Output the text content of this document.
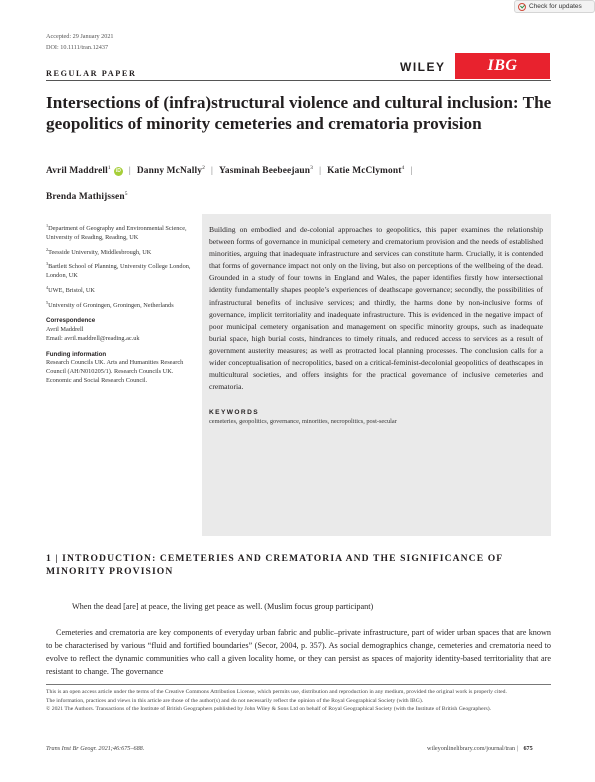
Check for updates
Accepted: 29 January 2021
DOI: 10.1111/tran.12437
REGULAR PAPER	WILEY	IBG
Intersections of (infra)structural violence and cultural inclusion: The geopolitics of minority cemeteries and crematoria provision
Avril Maddrell$^1$iD | Danny McNally$^2$ | Yasminah Beebeejaun$^3$ | Katie McClymont$^4$ |
Brenda Mathijssen$^5$
$^1$Department of Geography and Environmental Science, University of Reading, Reading, UK
$^2$Teesside University, Middlesbrough, UK
$^3$Bartlett School of Planning, University College London, London, UK
$^4$UWE, Bristol, UK
$^5$University of Groningen, Groningen, Netherlands
Correspondence
Avril Maddrell
Email: avril.maddrell@reading.ac.uk
Funding information
Research Councils UK. Arts and Humanities Research Council (AH/N010205/1). Research Councils UK. Economic and Social Research Council.
Building on embodied and de-colonial approaches to geopolitics, this paper examines the relationship between forms of governance in municipal cemetery and crematorium provision and the needs of established minorities, arguing that inadequate infrastructure and services can constitute harm. Crucially, it is contended that forms of governance impact not only on the living, but also on perceptions of the wellbeing of the dead. Grounded in a study of four towns in England and Wales, the paper identifies firstly how intersectional identity fundamentally shapes people’s experiences of deathscape governance; secondly, the possibilities of infrastructural benefits of inclusive services; and thirdly, the harms done by non-inclusive forms of governance, implicit territoriality and inadequate infrastructure. This is evidenced in the negative impact of poor municipal cemetery organisation and management on specific minority groups, such as inadequate burial space, high burial costs, hindrances to timely rituals, and reduced access to services as a result of government austerity measures; as well as protracted local planning processes. The conclusion calls for a wider conceptualisation of necropolitics, based on a critical-feminist-decolonial geopolitics of deathscapes in multicultural societies, and offers insights for the practical governance of inclusive cemeteries and crematoria.
KEYWORDS
cemeteries, geopolitics, governance, minorities, necropolitics, post-secular
1 | INTRODUCTION: CEMETERIES AND CREMATORIA AND THE SIGNIFICANCE OF MINORITY PROVISION
When the dead [are] at peace, the living get peace as well. (Muslim focus group participant)

Cemeteries and crematoria are key components of everyday urban fabric and public–private infrastructure, part of wider urban spaces that are known to be characterised by various “fluid and fortified boundaries” (Secor, 2004, p. 357). As social demographics change, cemeteries and crematoria need to evolve to reflect the dynamic communities who call a given locality home, or they can persist as spaces of majority identity-based territoriality that are resistant to change. The governance

This is an open access article under the terms of the Creative Commons Attribution License, which permits use, distribution and reproduction in any medium, provided the original work is properly cited.
The information, practices and views in this article are those of the author(s) and do not necessarily reflect the opinion of the Royal Geographical Society (with IBG).
© 2021 The Authors. Transactions of the Institute of British Geographers published by John Wiley & Sons Ltd on behalf of Royal Geographical Society (with the Institute of British Geographers).
Trans Inst Br Geogr. 2021;46:675–688.	wileyonlinelibrary.com/journal/tran | 675
